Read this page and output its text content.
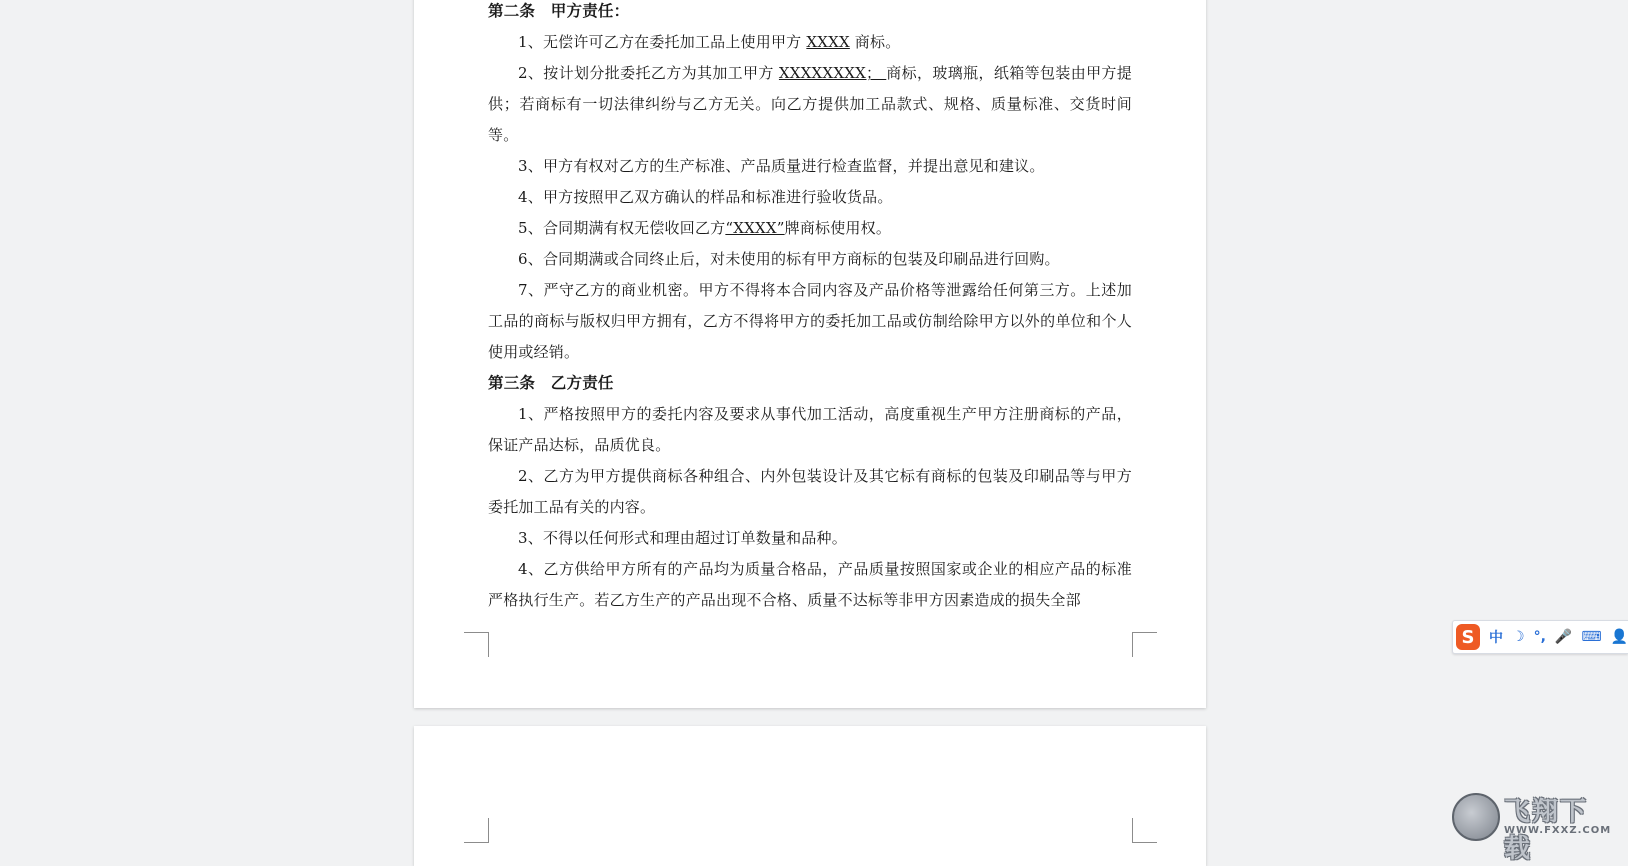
第二条　甲方责任：

1、无偿许可乙方在委托加工品上使用甲方 XXXX 商标。

2、按计划分批委托乙方为其加工甲方 XXXXXXXX； 商标，玻璃瓶，纸箱等包装由甲方提供；若商标有一切法律纠纷与乙方无关。向乙方提供加工品款式、规格、质量标准、交货时间等。

3、甲方有权对乙方的生产标准、产品质量进行检查监督，并提出意见和建议。

4、甲方按照甲乙双方确认的样品和标准进行验收货品。

5、合同期满有权无偿收回乙方“XXXX”牌商标使用权。

6、合同期满或合同终止后，对未使用的标有甲方商标的包装及印刷品进行回购。

7、严守乙方的商业机密。甲方不得将本合同内容及产品价格等泄露给任何第三方。上述加工品的商标与版权归甲方拥有，乙方不得将甲方的委托加工品或仿制给除甲方以外的单位和个人使用或经销。

第三条　乙方责任

1、严格按照甲方的委托内容及要求从事代加工活动，高度重视生产甲方注册商标的产品，保证产品达标，品质优良。

2、乙方为甲方提供商标各种组合、内外包装设计及其它标有商标的包装及印刷品等与甲方委托加工品有关的内容。

3、不得以任何形式和理由超过订单数量和品种。

4、乙方供给甲方所有的产品均为质量合格品，产品质量按照国家或企业的相应产品的标准严格执行生产。若乙方生产的产品出现不合格、质量不达标等非甲方因素造成的损失全部

S	中 ☽ °, 🎤 ⌨ 👤
飞翔下载
WWW.FXXZ.COM
